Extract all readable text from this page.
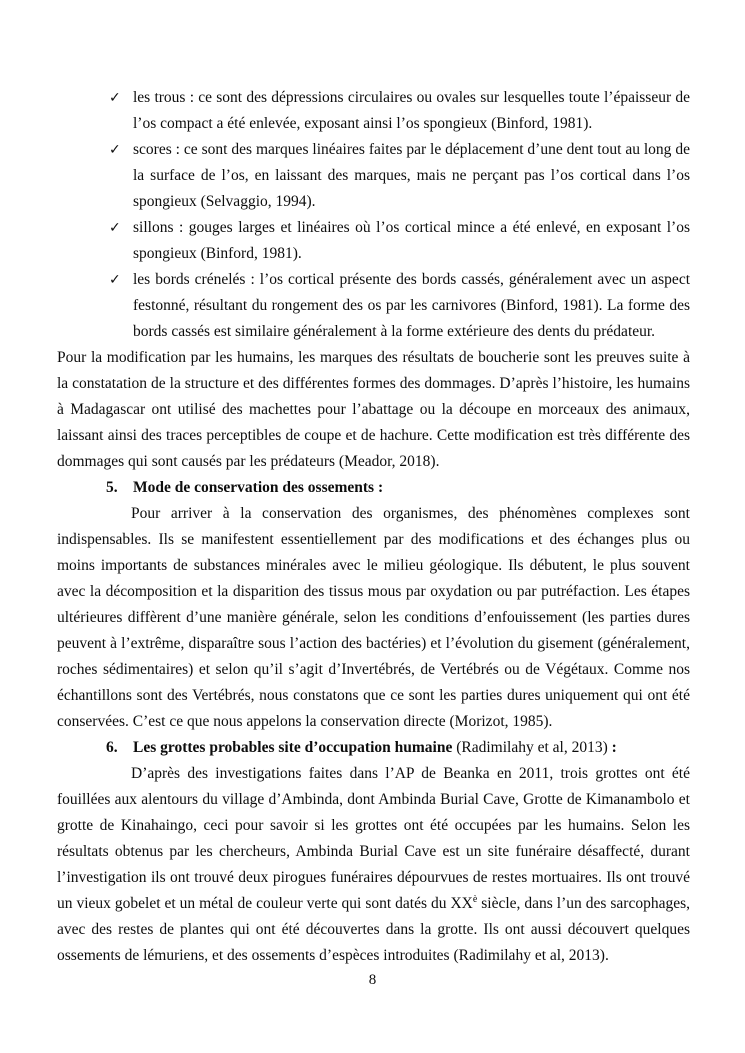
✓ les trous : ce sont des dépressions circulaires ou ovales sur lesquelles toute l’épaisseur de l’os compact a été enlevée, exposant ainsi l’os spongieux (Binford, 1981).
✓ scores : ce sont des marques linéaires faites par le déplacement d’une dent tout au long de la surface de l’os, en laissant des marques, mais ne perçant pas l’os cortical dans l’os spongieux (Selvaggio, 1994).
✓ sillons : gouges larges et linéaires où l’os cortical mince a été enlevé, en exposant l’os spongieux (Binford, 1981).
✓ les bords crénelés : l’os cortical présente des bords cassés, généralement avec un aspect festonné, résultant du rongement des os par les carnivores (Binford, 1981). La forme des bords cassés est similaire généralement à la forme extérieure des dents du prédateur.

Pour la modification par les humains, les marques des résultats de boucherie sont les preuves suite à la constatation de la structure et des différentes formes des dommages. D’après l’histoire, les humains à Madagascar ont utilisé des machettes pour l’abattage ou la découpe en morceaux des animaux, laissant ainsi des traces perceptibles de coupe et de hachure. Cette modification est très différente des dommages qui sont causés par les prédateurs (Meador, 2018).

5. Mode de conservation des ossements :

Pour arriver à la conservation des organismes, des phénomènes complexes sont indispensables. Ils se manifestent essentiellement par des modifications et des échanges plus ou moins importants de substances minérales avec le milieu géologique. Ils débutent, le plus souvent avec la décomposition et la disparition des tissus mous par oxydation ou par putréfaction. Les étapes ultérieures diffèrent d’une manière générale, selon les conditions d’enfouissement (les parties dures peuvent à l’extrême, disparaître sous l’action des bactéries) et l’évolution du gisement (généralement, roches sédimentaires) et selon qu’il s’agit d’Invertébrés, de Vertébrés ou de Végétaux. Comme nos échantillons sont des Vertébrés, nous constatons que ce sont les parties dures uniquement qui ont été conservées. C’est ce que nous appelons la conservation directe (Morizot, 1985).

6. Les grottes probables site d’occupation humaine (Radimilahy et al, 2013) :

D’après des investigations faites dans l’AP de Beanka en 2011, trois grottes ont été fouillées aux alentours du village d’Ambinda, dont Ambinda Burial Cave, Grotte de Kimanambolo et grotte de Kinahaingo, ceci pour savoir si les grottes ont été occupées par les humains. Selon les résultats obtenus par les chercheurs, Ambinda Burial Cave est un site funéraire désaffecté, durant l’investigation ils ont trouvé deux pirogues funéraires dépourvues de restes mortuaires. Ils ont trouvé un vieux gobelet et un métal de couleur verte qui sont datés du $XX^è$ siècle, dans l’un des sarcophages, avec des restes de plantes qui ont été découvertes dans la grotte. Ils ont aussi découvert quelques ossements de lémuriens, et des ossements d’espèces introduites (Radimilahy et al, 2013).

8
